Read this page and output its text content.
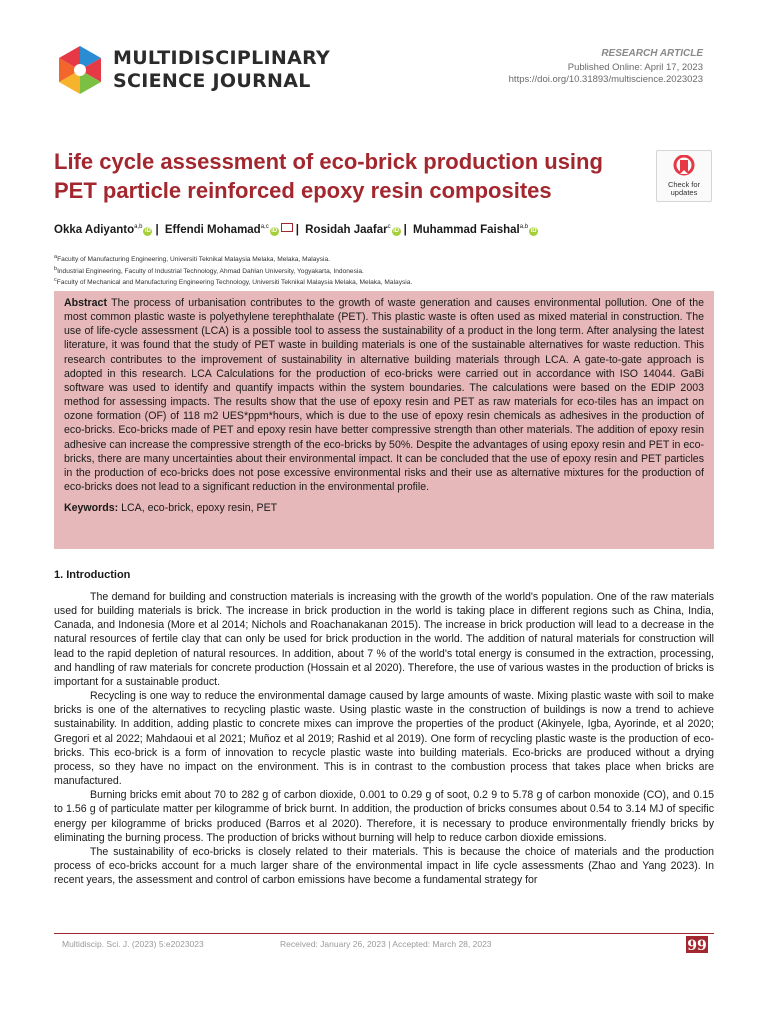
MULTIDISCIPLINARY
SCIENCE JOURNAL
RESEARCH ARTICLE
Published Online: April 17, 2023
https://doi.org/10.31893/multiscience.2023023
Life cycle assessment of eco-brick production using PET particle reinforced epoxy resin composites	Check for
updates
Okka Adiyanto$^{a,b}$iD | Effendi Mohamad$^{a,c}$iD | Rosidah Jaafar$^c$iD | Muhammad Faishal$^{a,b}$iD
$^a$Faculty of Manufacturing Engineering, Universiti Teknikal Malaysia Melaka, Melaka, Malaysia.
$^b$Industrial Engineering, Faculty of Industrial Technology, Ahmad Dahlan University, Yogyakarta, Indonesia.
$^c$Faculty of Mechanical and Manufacturing Engineering Technology, Universiti Teknikal Malaysia Melaka, Melaka, Malaysia.

Abstract The process of urbanisation contributes to the growth of waste generation and causes environmental pollution. One of the most common plastic waste is polyethylene terephthalate (PET). This plastic waste is often used as mixed material in construction. The use of life-cycle assessment (LCA) is a possible tool to assess the sustainability of a product in the long term. After analysing the latest literature, it was found that the study of PET waste in building materials is one of the sustainable alternatives for waste reduction. This research contributes to the improvement of sustainability in alternative building materials through LCA. A gate-to-gate approach is adopted in this research. LCA Calculations for the production of eco-bricks were carried out in accordance with ISO 14044. GaBi software was used to identify and quantify impacts within the system boundaries. The calculations were based on the EDIP 2003 method for assessing impacts. The results show that the use of epoxy resin and PET as raw materials for eco-tiles has an impact on ozone formation (OF) of 118 m2 UES*ppm*hours, which is due to the use of epoxy resin chemicals as adhesives in the production of eco-bricks. Eco-bricks made of PET and epoxy resin have better compressive strength than other materials. The addition of epoxy resin adhesive can increase the compressive strength of the eco-bricks by 50%. Despite the advantages of using epoxy resin and PET in eco-bricks, there are many uncertainties about their environmental impact. It can be concluded that the use of epoxy resin and PET particles in the production of eco-bricks does not pose excessive environmental risks and their use as alternative mixtures for the production of eco-bricks does not lead to a significant reduction in the environmental profile.

Keywords: LCA, eco-brick, epoxy resin, PET
1. Introduction

The demand for building and construction materials is increasing with the growth of the world's population. One of the raw materials used for building materials is brick. The increase in brick production in the world is taking place in different regions such as China, India, Canada, and Indonesia (More et al 2014; Nichols and Roachanakanan 2015). The increase in brick production will lead to a decrease in the natural resources of fertile clay that can only be used for brick production in the world. The addition of natural materials for construction will lead to the rapid depletion of natural resources. In addition, about 7 % of the world's total energy is consumed in the extraction, processing, and handling of raw materials for concrete production (Hossain et al 2020). Therefore, the use of various wastes in the production of bricks is important for a sustainable product.

Recycling is one way to reduce the environmental damage caused by large amounts of waste. Mixing plastic waste with soil to make bricks is one of the alternatives to recycling plastic waste. Using plastic waste in the construction of buildings is now a trend to achieve sustainability. In addition, adding plastic to concrete mixes can improve the properties of the product (Akinyele, Igba, Ayorinde, et al 2020; Gregori et al 2022; Mahdaoui et al 2021; Muñoz et al 2019; Rashid et al 2019). One form of recycling plastic waste is the production of eco-bricks. This eco-brick is a form of innovation to recycle plastic waste into building materials. Eco-bricks are produced without a drying process, so they have no impact on the environment. This is in contrast to the combustion process that takes place when bricks are manufactured.

Burning bricks emit about 70 to 282 g of carbon dioxide, 0.001 to 0.29 g of soot, 0.2 9 to 5.78 g of carbon monoxide (CO), and 0.15 to 1.56 g of particulate matter per kilogramme of brick burnt. In addition, the production of bricks consumes about 0.54 to 3.14 MJ of specific energy per kilogramme of bricks produced (Barros et al 2020). Therefore, it is necessary to produce environmentally friendly bricks by eliminating the burning process. The production of bricks without burning will help to reduce carbon dioxide emissions.

The sustainability of eco-bricks is closely related to their materials. This is because the choice of materials and the production process of eco-bricks account for a much larger share of the environmental impact in life cycle assessments (Zhao and Yang 2023). In recent years, the assessment and control of carbon emissions have become a fundamental strategy for

Multidiscip. Sci. J. (2023) 5:e2023023	Received: January 26, 2023 | Accepted: March 28, 2023	99
